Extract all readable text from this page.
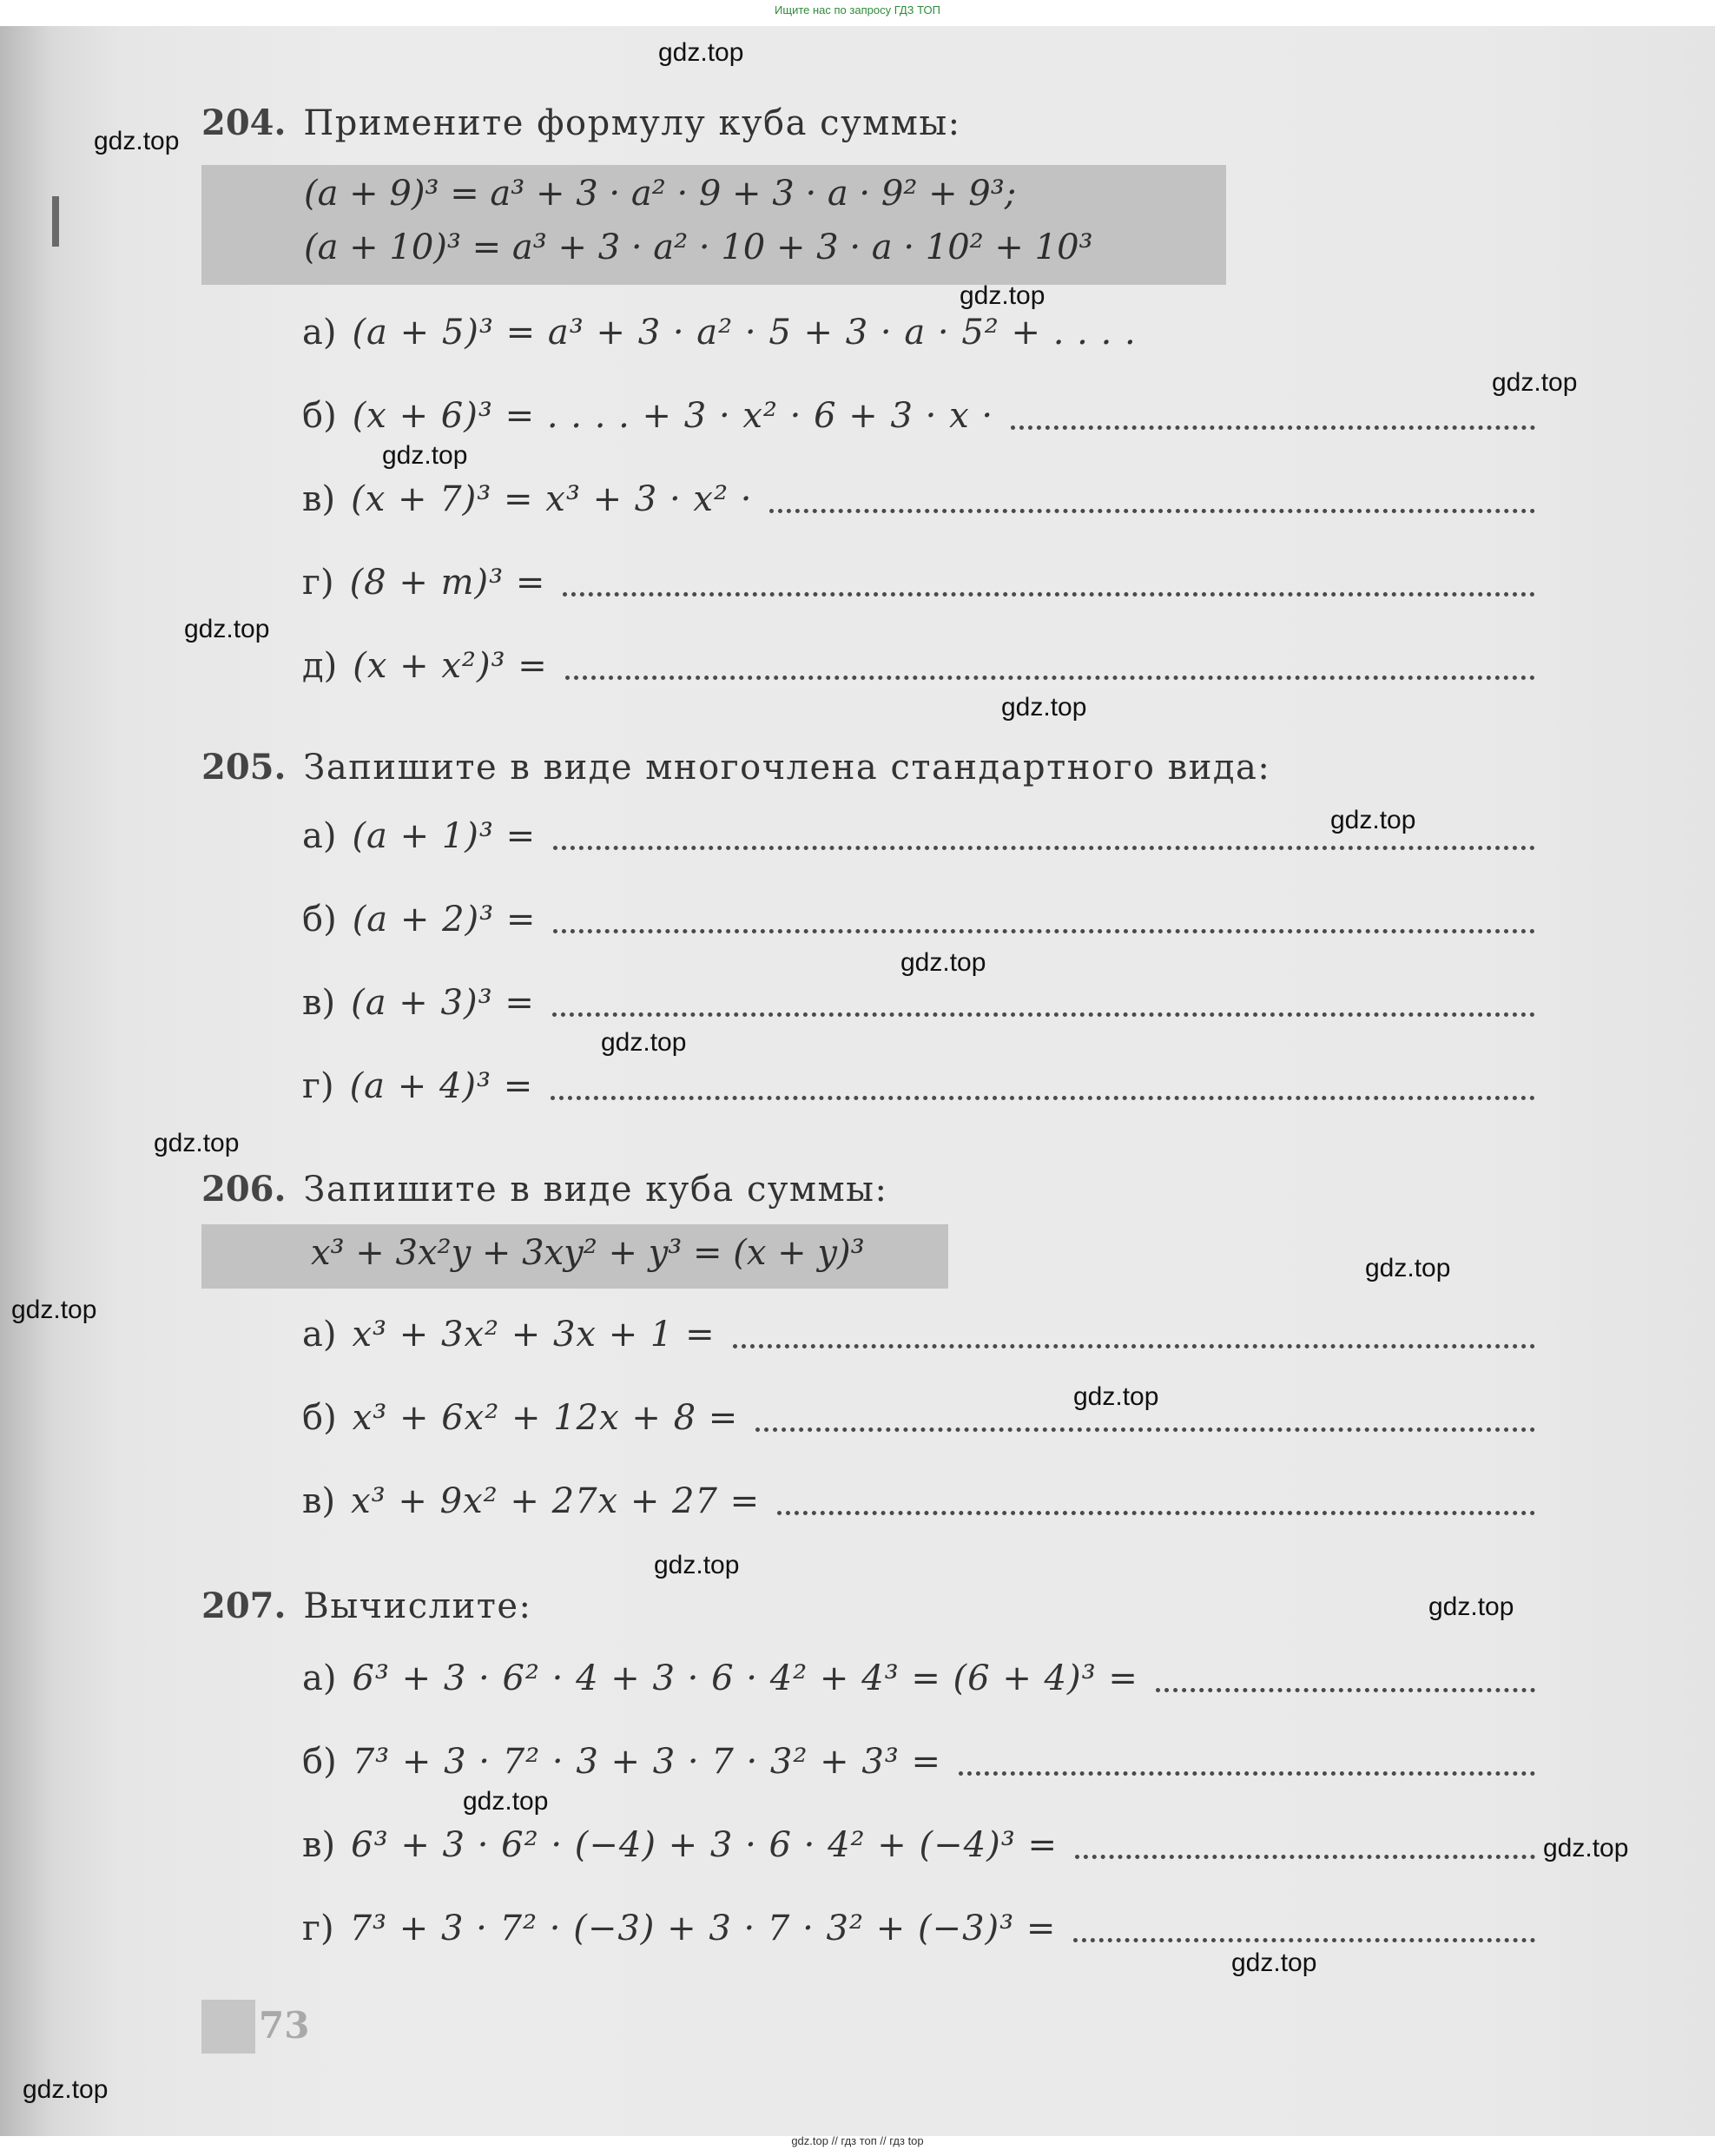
Ищите нас по запросу ГДЗ ТОП
204. Примените формулу куба суммы:
(a + 9)³ = a³ + 3 · a² · 9 + 3 · a · 9² + 9³;
(a + 10)³ = a³ + 3 · a² · 10 + 3 · a · 10² + 10³
а) (a + 5)³ = a³ + 3 · a² · 5 + 3 · a · 5² + . . . .
б) (x + 6)³ = . . . . + 3 · x² · 6 + 3 · x ·
в) (x + 7)³ = x³ + 3 · x² ·
г) (8 + m)³ =
д) (x + x²)³ =
205. Запишите в виде многочлена стандартного вида:
а) (a + 1)³ =
б) (a + 2)³ =
в) (a + 3)³ =
г) (a + 4)³ =
206. Запишите в виде куба суммы:
x³ + 3x²y + 3xy² + y³ = (x + y)³
а) x³ + 3x² + 3x + 1 =
б) x³ + 6x² + 12x + 8 =
в) x³ + 9x² + 27x + 27 =
207. Вычислите:
а) 6³ + 3 · 6² · 4 + 3 · 6 · 4² + 4³ = (6 + 4)³ =
б) 7³ + 3 · 7² · 3 + 3 · 7 · 3² + 3³ =
в) 6³ + 3 · 6² · (−4) + 3 · 6 · 4² + (−4)³ =
г) 7³ + 3 · 7² · (−3) + 3 · 7 · 3² + (−3)³ =
73
gdz.top
gdz.top
gdz.top
gdz.top
gdz.top
gdz.top
gdz.top
gdz.top
gdz.top
gdz.top
gdz.top
gdz.top
gdz.top
gdz.top
gdz.top
gdz.top
gdz.top
gdz.top
gdz.top
gdz.top
gdz.top // гдз топ // гдз top
